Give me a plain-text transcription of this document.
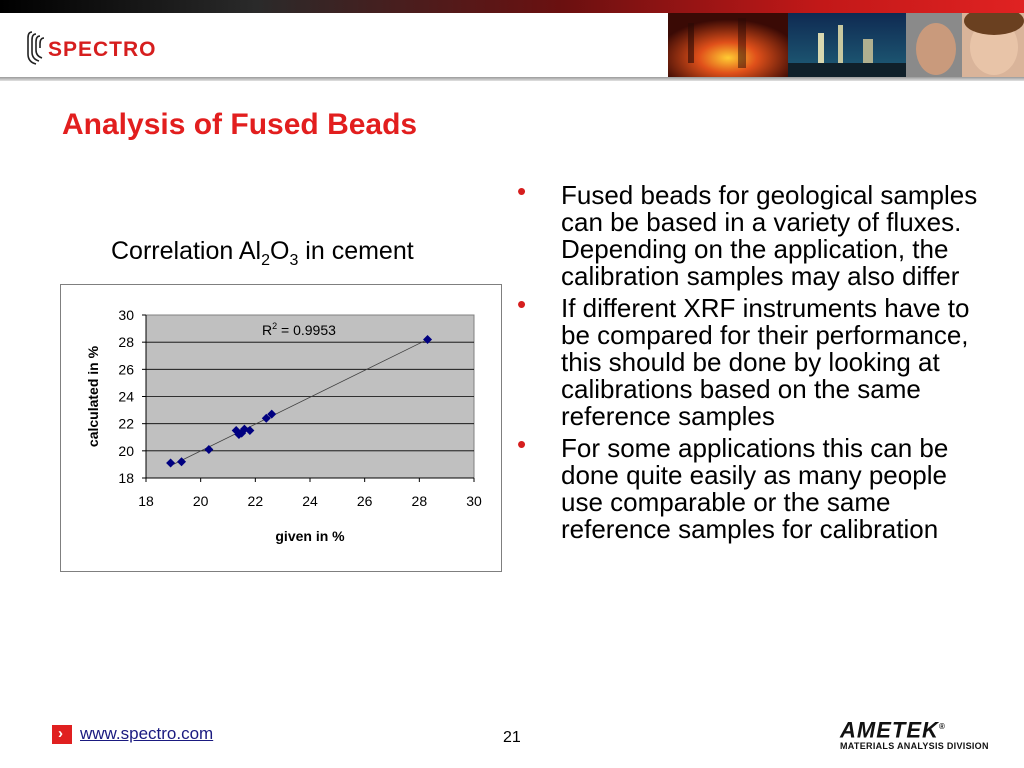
SPECTRO
Analysis of Fused Beads
Correlation $Al_2O_3$ in cement
18
20
22
24
26
28
30
18	20	22	24	26	28	30
$R^2 = 0.9953$
given in %
calculated in %
• Fused beads for geological samples can be based in a variety of fluxes. Depending on the application, the calibration samples may also differ
• If different XRF instruments have to be compared for their performance, this should be done by looking at calibrations based on the same reference samples
• For some applications this can be done quite easily as many people use comparable or the same reference samples for calibration
› www.spectro.com	21	AMETEK®
MATERIALS ANALYSIS DIVISION
